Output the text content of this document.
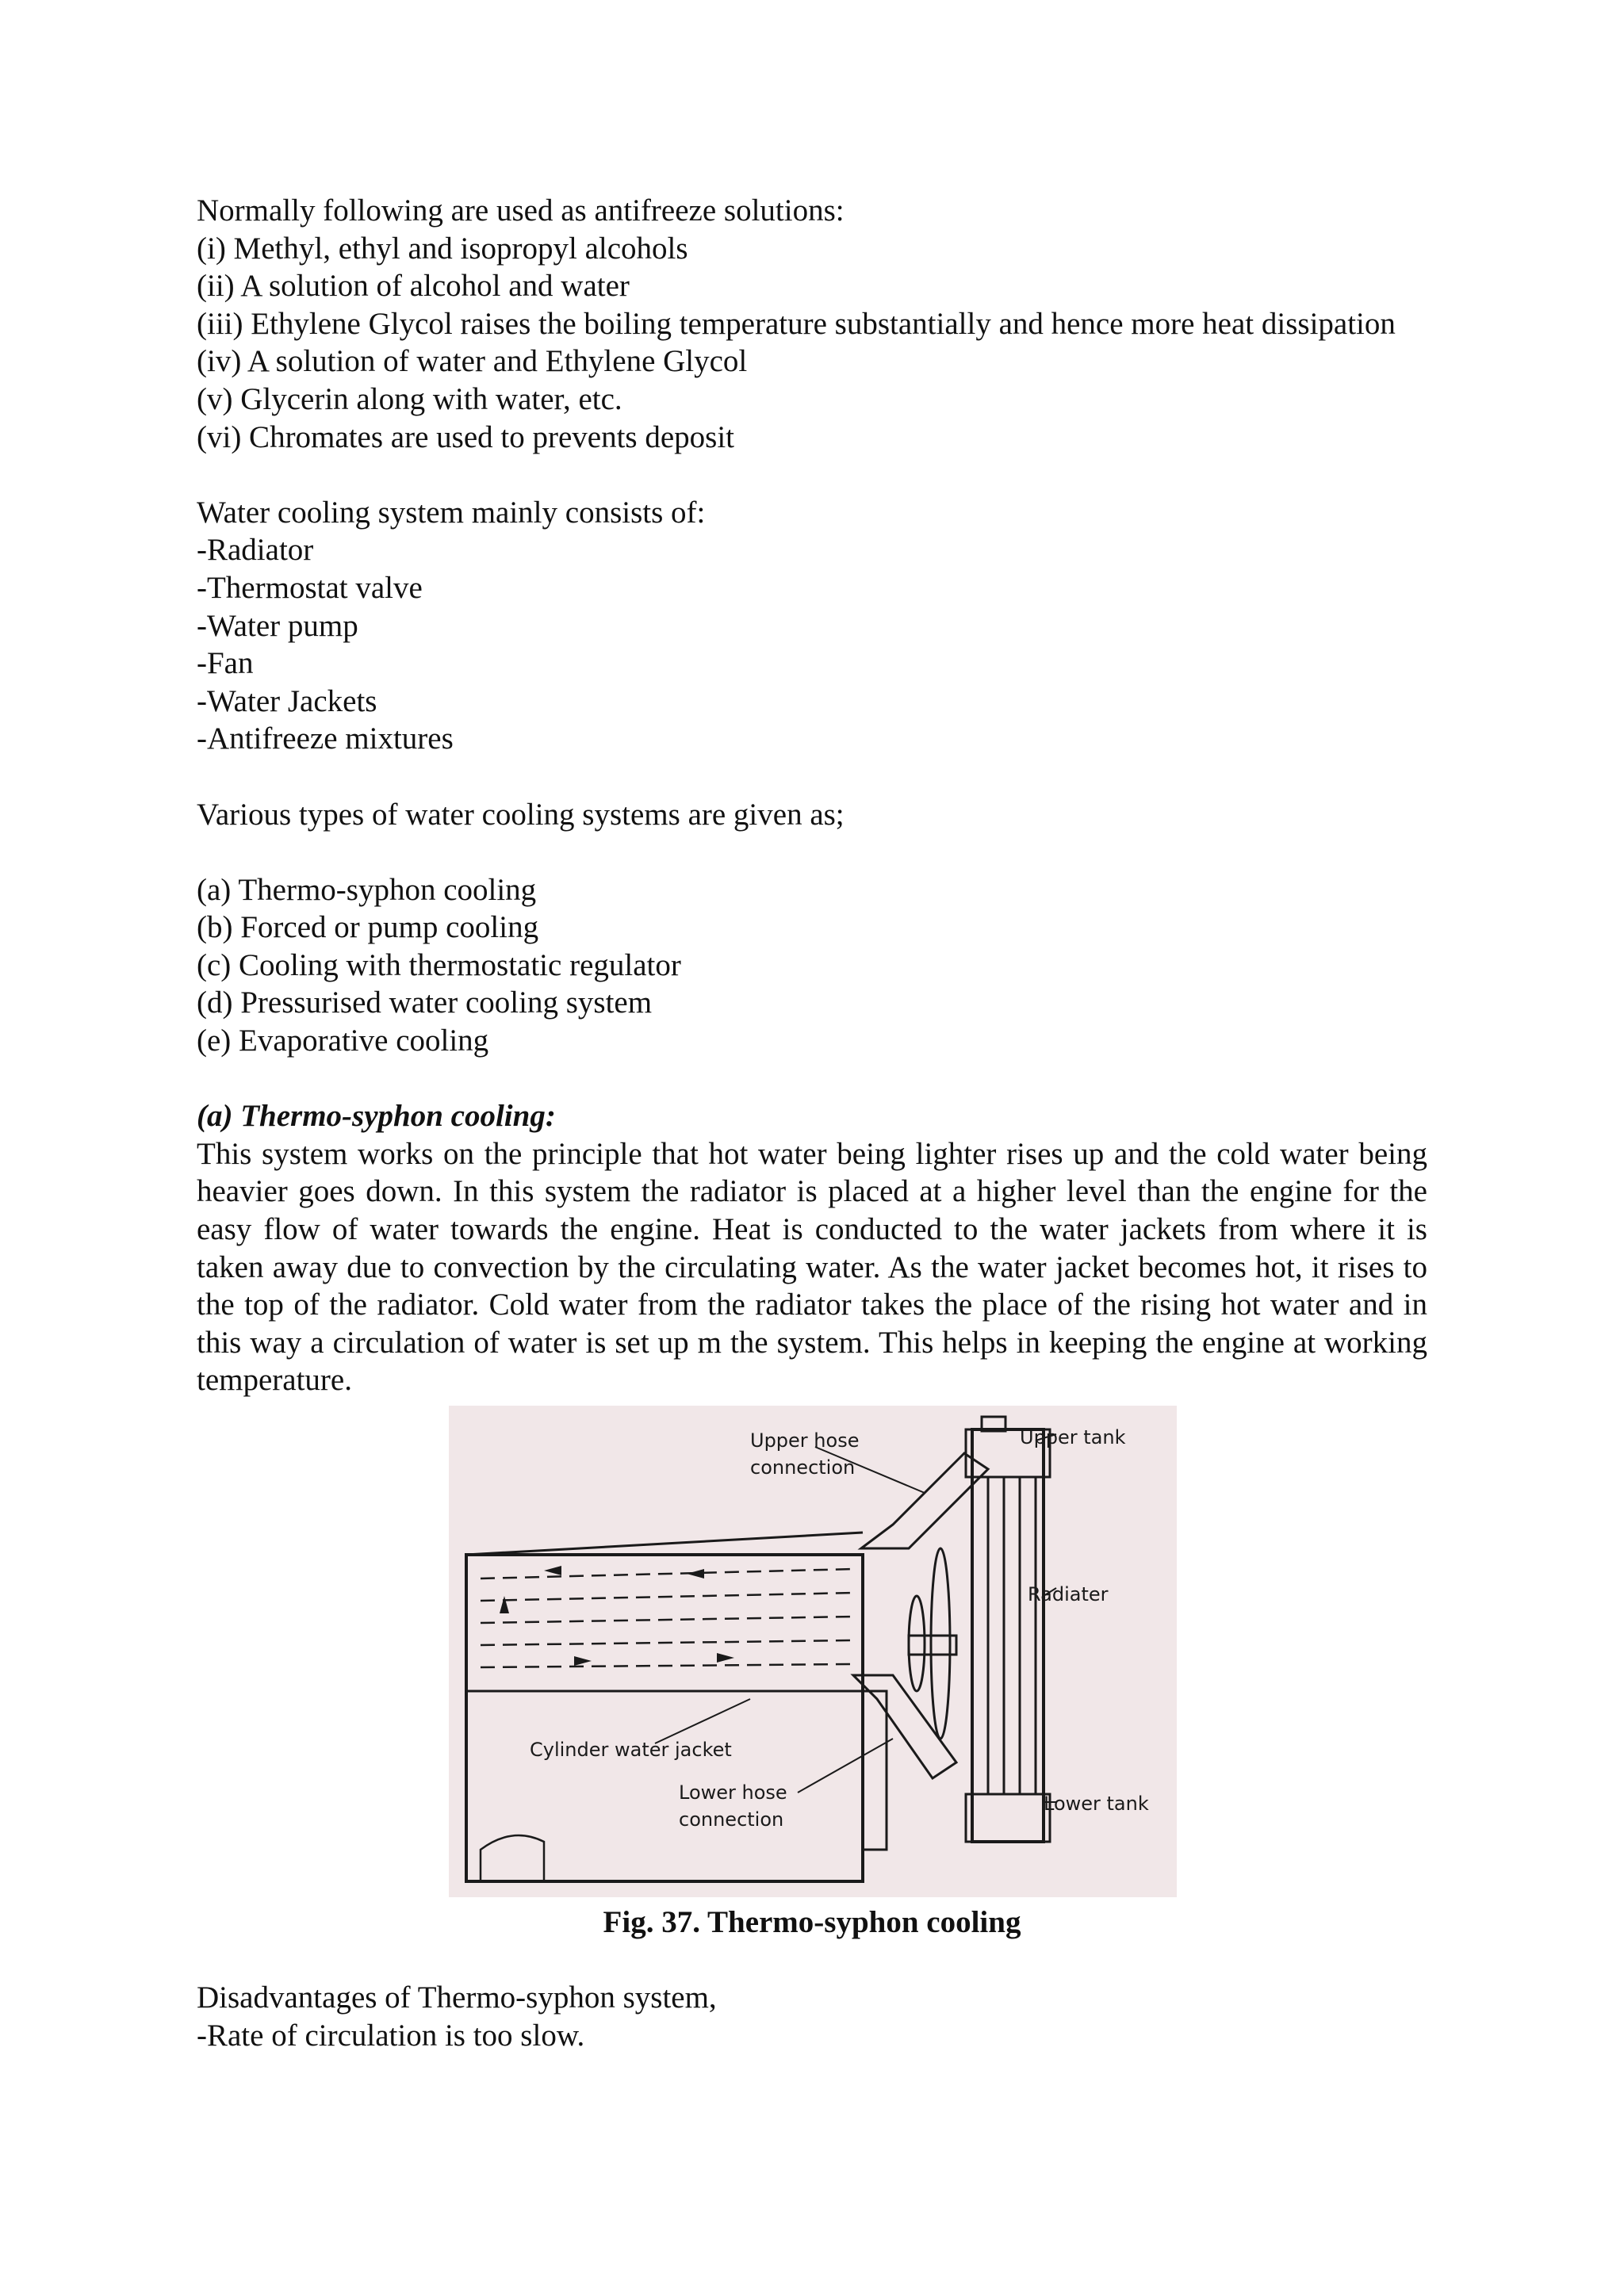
Normally following are used as antifreeze solutions:

(i) Methyl, ethyl and isopropyl alcohols

(ii) A solution of alcohol and water

(iii) Ethylene Glycol raises the boiling temperature substantially and hence more heat dissipation

(iv) A solution of water and Ethylene Glycol

(v) Glycerin along with water, etc.

(vi) Chromates are used to prevents deposit

Water cooling system mainly consists of:

-Radiator

-Thermostat valve

-Water pump

-Fan

-Water Jackets

-Antifreeze mixtures

Various types of water cooling systems are given as;

(a) Thermo-syphon cooling

(b) Forced or pump cooling

(c) Cooling with thermostatic regulator

(d) Pressurised water cooling system

(e) Evaporative cooling

(a) Thermo-syphon cooling:

This system works on the principle that hot water being lighter rises up and the cold water being heavier goes down. In this system the radiator is placed at a higher level than the engine for the easy flow of water towards the engine. Heat is conducted to the water jackets from where it is taken away due to convection by the circulating water. As the water jacket becomes hot, it rises to the top of the radiator. Cold water from the radiator takes the place of the rising hot water and in this way a circulation of water is set up m the system. This helps in keeping the engine at working temperature.

Upper hose
connection
Upper tank
Radiater
Cylinder water jacket
Lower hose
connection
Lower tank

Fig. 37. Thermo-syphon cooling

Disadvantages of Thermo-syphon system,

-Rate of circulation is too slow.
